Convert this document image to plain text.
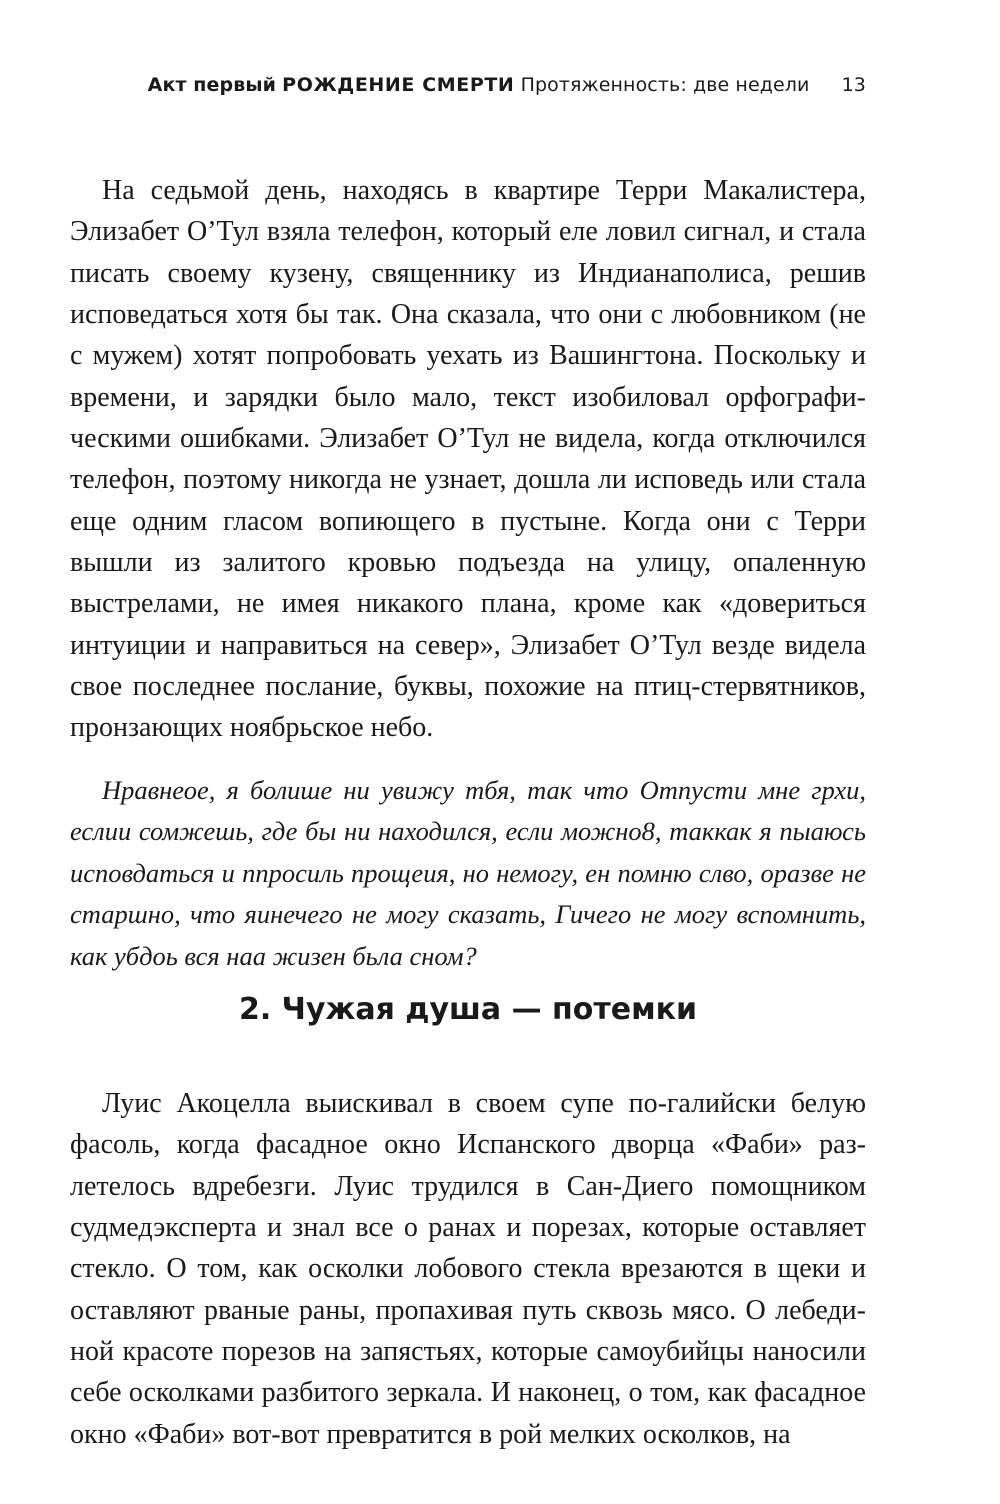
Акт первый РОЖДЕНИЕ СМЕРТИ Протяженность: две недели 13

На седьмой день, находясь в квартире Терри Макалистера, Элизабет О’Тул взяла телефон, который еле ловил сигнал, и стала писать своему кузену, священнику из Индианаполиса, решив исповедаться хотя бы так. Она сказала, что они с любовником (не с мужем) хотят попробовать уехать из Вашингтона. Поскольку и времени, и зарядки было мало, текст изобиловал орфографическими ошибками. Элизабет О’Тул не видела, когда отключился телефон, поэтому никогда не узнает, дошла ли исповедь или стала еще одним гласом вопиющего в пустыне. Когда они с Терри вышли из залитого кровью подъезда на улицу, опаленную выстрелами, не имея никакого плана, кроме как «довериться интуиции и направиться на север», Элизабет О’Тул везде видела свое последнее послание, буквы, похожие на птиц-стервятников, пронзающих ноябрьское небо.

Нравнеое, я болише ни увижу тбя, так что Отпусти мне грхи, еслии сомжешь, где бы ни находился, если можно8, таккак я пыаюсь исповдаться и ппросиль прощеия, но немогу, ен помню слво, оразве не старшно, что яинечего не могу сказать, Гичего не могу вспомнить, как убдоь вся наа жизен бьла сном?

2. Чужая душа — потемки

Луис Акоцелла выискивал в своем супе по-галийски белую фасоль, когда фасадное окно Испанского дворца «Фаби» разлетелось вдребезги. Луис трудился в Сан-Диего помощником судмедэксперта и знал все о ранах и порезах, которые оставляет стекло. О том, как осколки лобового стекла врезаются в щеки и оставляют рваные раны, пропахивая путь сквозь мясо. О лебединой красоте порезов на запястьях, которые самоубийцы наносили себе осколками разбитого зеркала. И наконец, о том, как фасадное окно «Фаби» вот-вот превратится в рой мелких осколков, на
